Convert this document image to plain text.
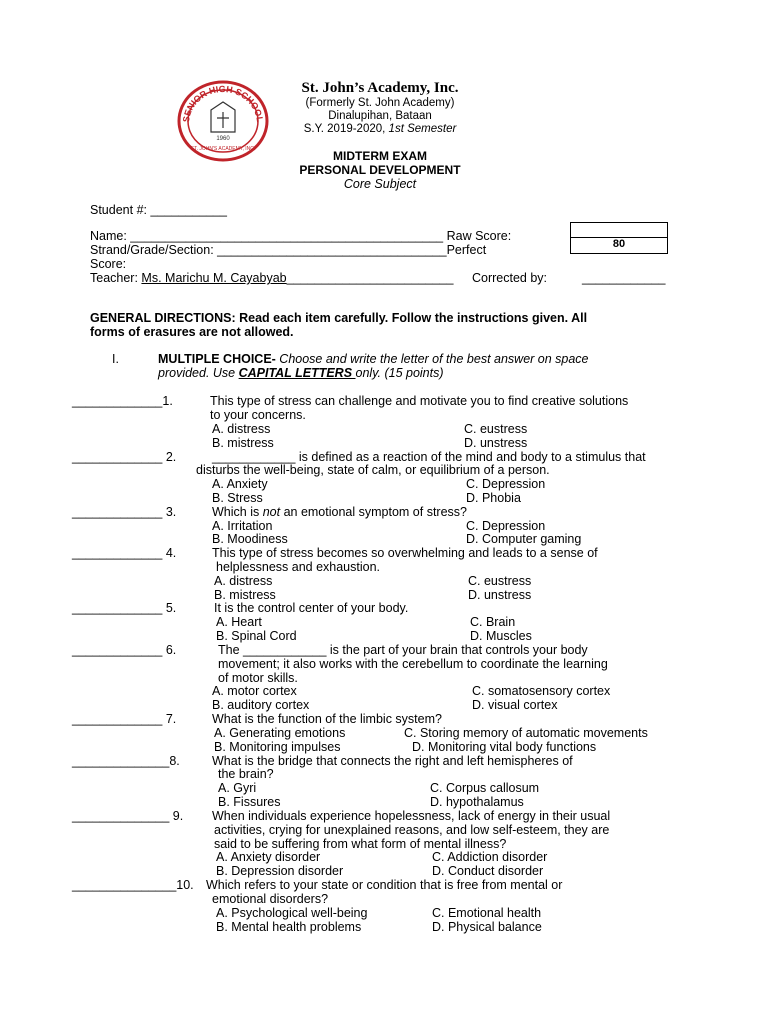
SENIOR HIGH SCHOOL
1960
ST. JOHN'S ACADEMY, INC.
St. John’s Academy, Inc.
(Formerly St. John Academy)
Dinalupihan, Bataan
S.Y. 2019-2020, 1st Semester
MIDTERM EXAM
PERSONAL DEVELOPMENT
Core Subject
Student #: ___________
Name: _____________________________________________ Raw Score:
Strand/Grade/Section: _________________________________Perfect
Score:
Teacher: Ms. Marichu M. Cayabyab________________________ Corrected by:	____________
80
GENERAL DIRECTIONS: Read each item carefully. Follow the instructions given. All
forms of erasures are not allowed.
I.	MULTIPLE CHOICE- Choose and write the letter of the best answer on space
provided. Use CAPITAL LETTERS only. (15 points)
_____________1.	This type of stress can challenge and motivate you to find creative solutions
to your concerns.
A. distress	C. eustress
B. mistress	D. unstress
_____________ 2.	____________ is defined as a reaction of the mind and body to a stimulus that
disturbs the well-being, state of calm, or equilibrium of a person.
A. Anxiety	C. Depression
B. Stress	D. Phobia
_____________ 3.	Which is not an emotional symptom of stress?
A. Irritation	C. Depression
B. Moodiness	D. Computer gaming
_____________ 4.	This type of stress becomes so overwhelming and leads to a sense of
helplessness and exhaustion.
A. distress	C. eustress
B. mistress	D. unstress
_____________ 5.	It is the control center of your body.
A. Heart	C. Brain
B. Spinal Cord	D. Muscles
_____________ 6.	The ____________ is the part of your brain that controls your body
movement; it also works with the cerebellum to coordinate the learning
of motor skills.
A. motor cortex	C. somatosensory cortex
B. auditory cortex	D. visual cortex
_____________ 7.	What is the function of the limbic system?
A. Generating emotions	C. Storing memory of automatic movements
B. Monitoring impulses	D. Monitoring vital body functions
______________8.	What is the bridge that connects the right and left hemispheres of
the brain?
A. Gyri	C. Corpus callosum
B. Fissures	D. hypothalamus
______________ 9. When individuals experience hopelessness, lack of energy in their usual
activities, crying for unexplained reasons, and low self-esteem, they are
said to be suffering from what form of mental illness?
A. Anxiety disorder	C. Addiction disorder
B. Depression disorder	D. Conduct disorder
_______________10. Which refers to your state or condition that is free from mental or
emotional disorders?
A. Psychological well-being	C. Emotional health
B. Mental health problems	D. Physical balance
